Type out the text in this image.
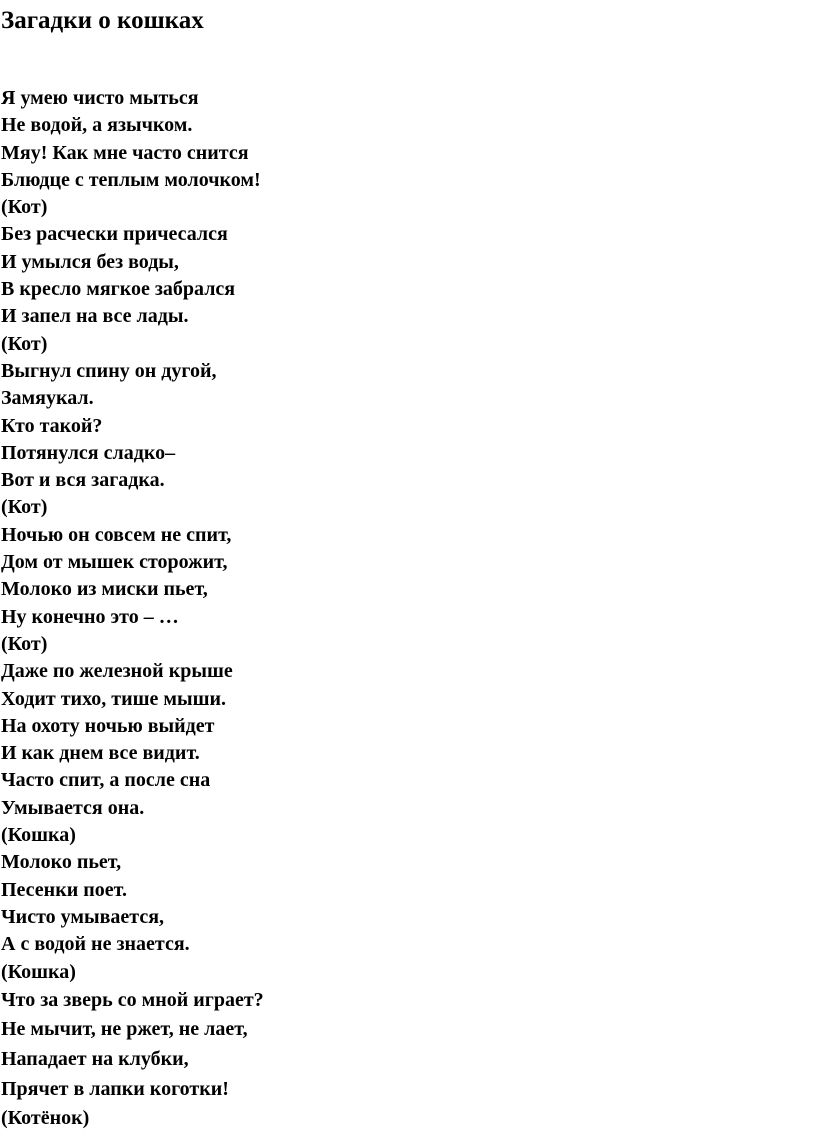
Загадки о кошках
Я умею чисто мыться
Не водой, а язычком.
Мяу! Как мне часто снится
Блюдце с теплым молочком!
(Кот)
Без расчески причесался
И умылся без воды,
В кресло мягкое забрался
И запел на все лады.
(Кот)
Выгнул спину он дугой,
Замяукал.
Кто такой?
Потянулся сладко–
Вот и вся загадка.
(Кот)
Ночью он совсем не спит,
Дом от мышек сторожит,
Молоко из миски пьет,
Ну конечно это – …
(Кот)
Даже по железной крыше
Ходит тихо, тише мыши.
На охоту ночью выйдет
И как днем все видит.
Часто спит, а после сна
Умывается она.
(Кошка)
Молоко пьет,
Песенки поет.
Чисто умывается,
А с водой не знается.
(Кошка)
Что за зверь со мной играет?
Не мычит, не ржет, не лает,
Нападает на клубки,
Прячет в лапки коготки!
(Котёнок)
